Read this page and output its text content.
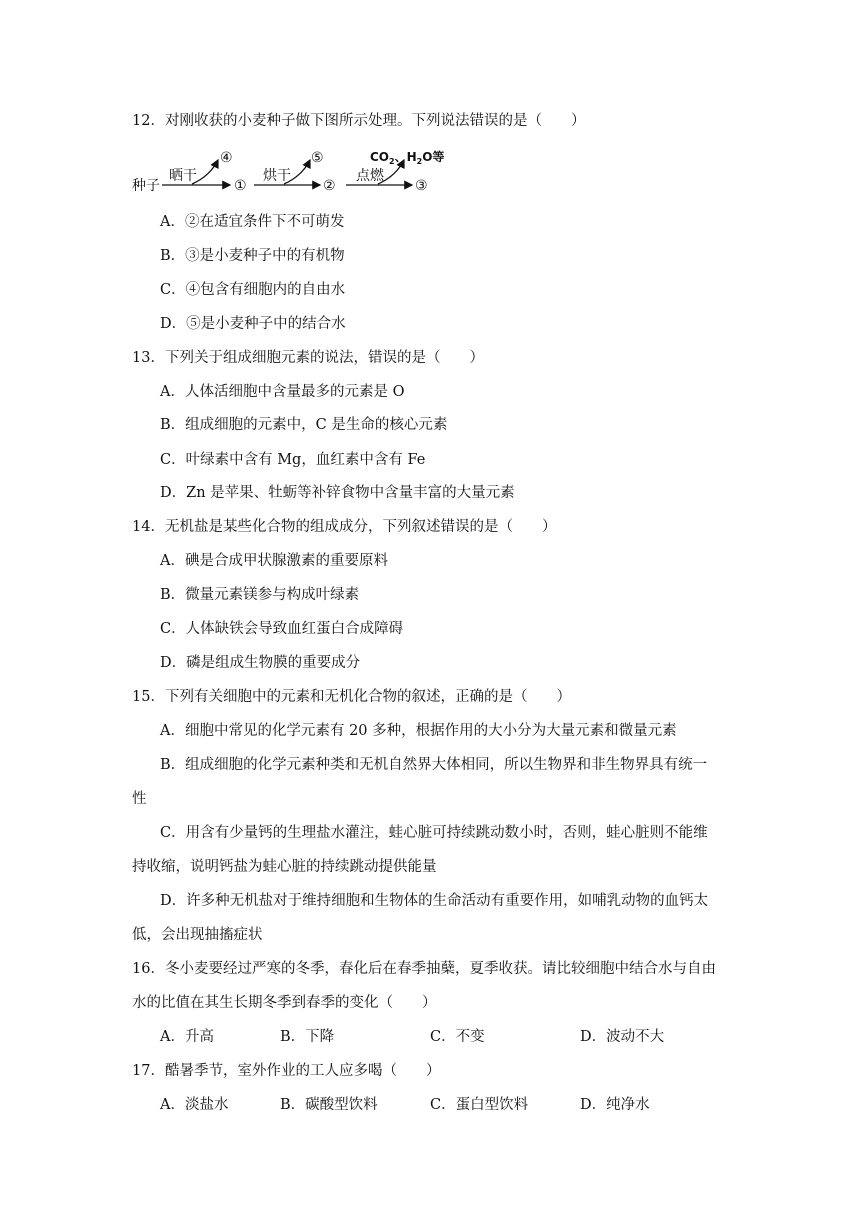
12．对刚收获的小麦种子做下图所示处理。下列说法错误的是（　　）
种子
晒干
①
④
烘干
②
⑤
点燃
③
$CO_2$、$H_2O$等
A．②在适宜条件下不可萌发
B．③是小麦种子中的有机物
C．④包含有细胞内的自由水
D．⑤是小麦种子中的结合水
13．下列关于组成细胞元素的说法，错误的是（　　）
A．人体活细胞中含量最多的元素是 O
B．组成细胞的元素中，C 是生命的核心元素
C．叶绿素中含有 Mg，血红素中含有 Fe
D．Zn 是苹果、牡蛎等补锌食物中含量丰富的大量元素
14．无机盐是某些化合物的组成成分，下列叙述错误的是（　　）
A．碘是合成甲状腺激素的重要原料
B．微量元素镁参与构成叶绿素
C．人体缺铁会导致血红蛋白合成障碍
D．磷是组成生物膜的重要成分
15．下列有关细胞中的元素和无机化合物的叙述，正确的是（　　）
A．细胞中常见的化学元素有 20 多种，根据作用的大小分为大量元素和微量元素
B．组成细胞的化学元素种类和无机自然界大体相同，所以生物界和非生物界具有统一
性
C．用含有少量钙的生理盐水灌注，蛙心脏可持续跳动数小时，否则，蛙心脏则不能维
持收缩，说明钙盐为蛙心脏的持续跳动提供能量
D．许多种无机盐对于维持细胞和生物体的生命活动有重要作用，如哺乳动物的血钙太
低，会出现抽搐症状
16．冬小麦要经过严寒的冬季，春化后在春季抽蘖，夏季收获。请比较细胞中结合水与自由
水的比值在其生长期冬季到春季的变化（　　）
A．升高	B．下降	C．不变	D．波动不大
17．酷暑季节，室外作业的工人应多喝（　　）
A．淡盐水	B．碳酸型饮料	C．蛋白型饮料	D．纯净水
